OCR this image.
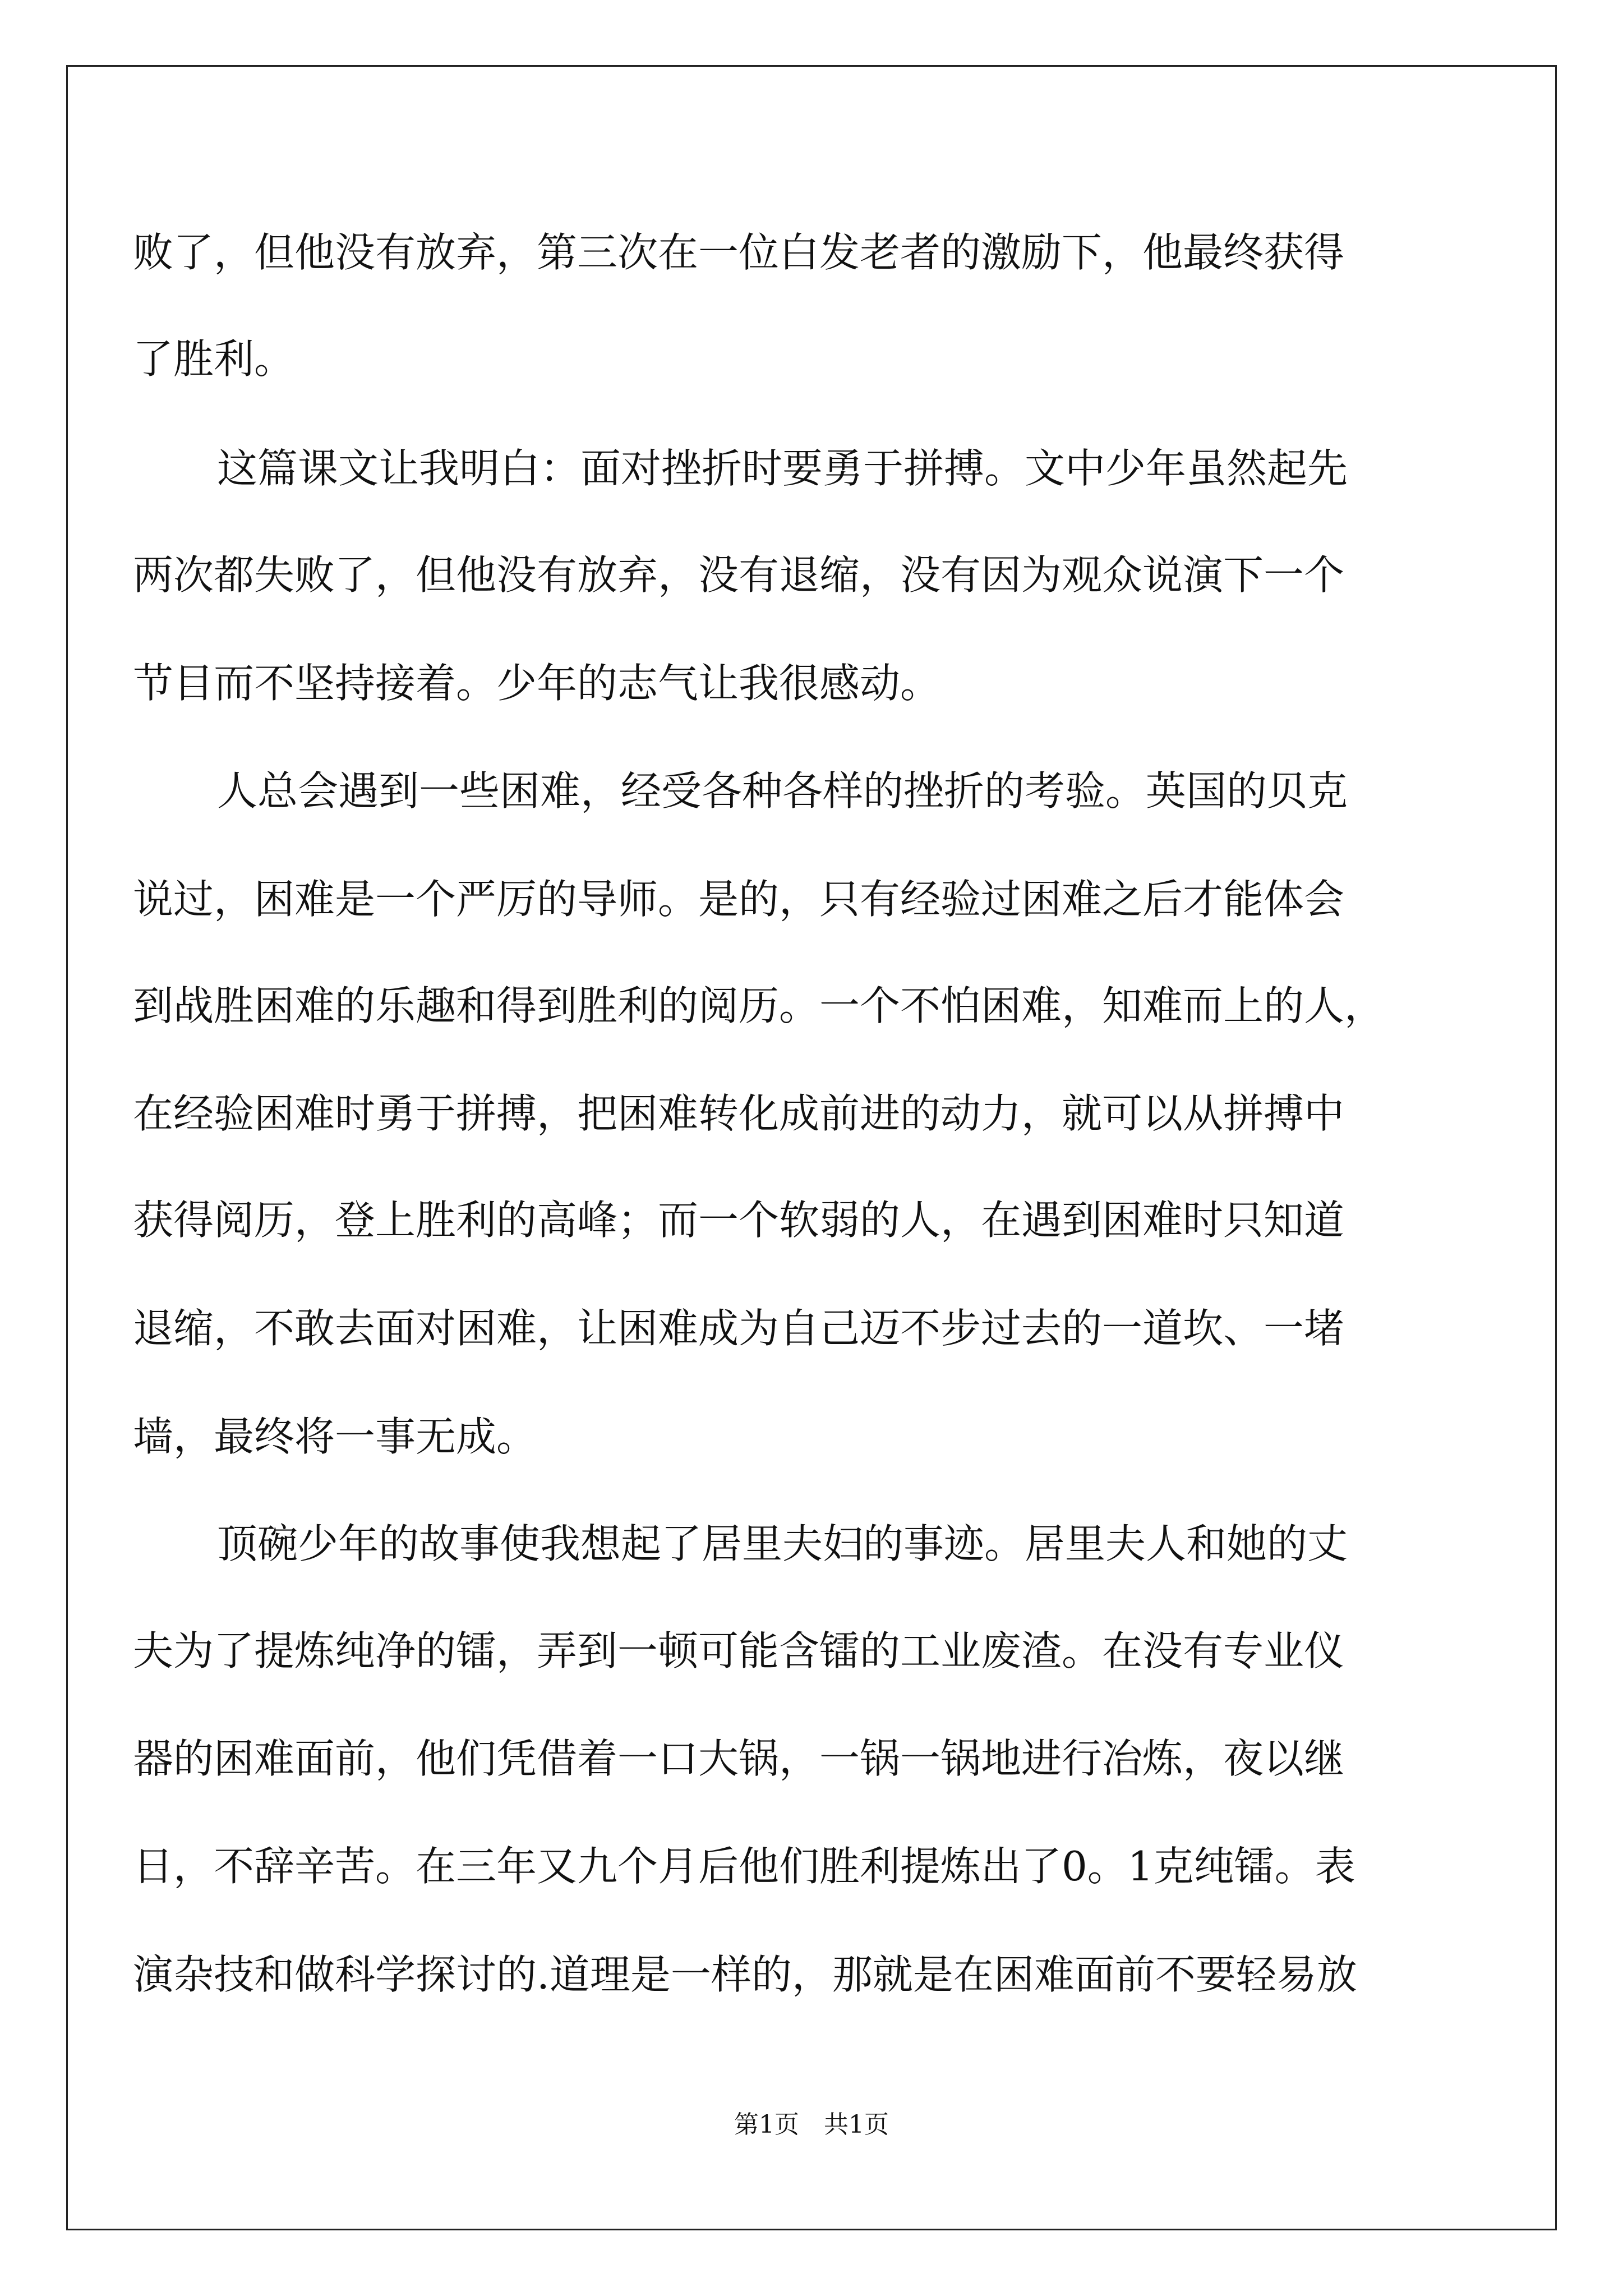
败了，但他没有放弃，第三次在一位白发老者的激励下，他最终获得
了胜利。
这篇课文让我明白：面对挫折时要勇于拼搏。文中少年虽然起先
两次都失败了，但他没有放弃，没有退缩，没有因为观众说演下一个
节目而不坚持接着。少年的志气让我很感动。
人总会遇到一些困难，经受各种各样的挫折的考验。英国的贝克
说过，困难是一个严厉的导师。是的，只有经验过困难之后才能体会
到战胜困难的乐趣和得到胜利的阅历。一个不怕困难，知难而上的人，
在经验困难时勇于拼搏，把困难转化成前进的动力，就可以从拼搏中
获得阅历，登上胜利的高峰；而一个软弱的人，在遇到困难时只知道
退缩，不敢去面对困难，让困难成为自己迈不步过去的一道坎、一堵
墙，最终将一事无成。
顶碗少年的故事使我想起了居里夫妇的事迹。居里夫人和她的丈
夫为了提炼纯净的镭，弄到一顿可能含镭的工业废渣。在没有专业仪
器的困难面前，他们凭借着一口大锅，一锅一锅地进行冶炼，夜以继
日，不辞辛苦。在三年又九个月后他们胜利提炼出了0。1克纯镭。表
演杂技和做科学探讨的.道理是一样的，那就是在困难面前不要轻易放
第1页　共1页
